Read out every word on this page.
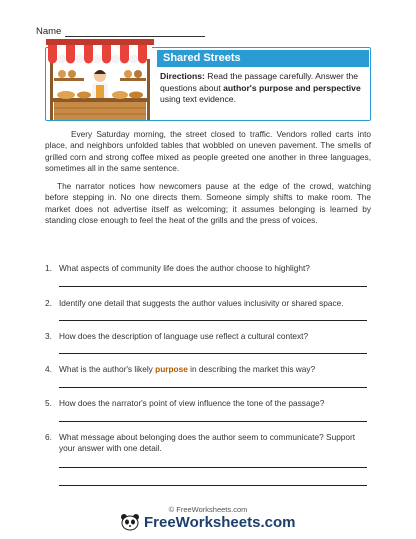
Name
Shared Streets
Directions: Read the passage carefully. Answer the questions about author's purpose and perspective using text evidence.

Every Saturday morning, the street closed to traffic. Vendors rolled carts into place, and neighbors unfolded tables that wobbled on uneven pavement. The smells of grilled corn and strong coffee mixed as people greeted one another in three languages, sometimes all in the same sentence.

The narrator notices how newcomers pause at the edge of the crowd, watching before stepping in. No one directs them. Someone simply shifts to make room. The market does not advertise itself as welcoming; it assumes belonging is learned by standing close enough to feel the heat of the grills and the press of voices.

1. What aspects of community life does the author choose to highlight?
2. Identify one detail that suggests the author values inclusivity or shared space.
3. How does the description of language use reflect a cultural context?
4. What is the author's likely purpose in describing the market this way?
5. How does the narrator's point of view influence the tone of the passage?
6. What message about belonging does the author seem to communicate? Support your answer with one detail.
© FreeWorksheets.com
FreeWorksheets.com
